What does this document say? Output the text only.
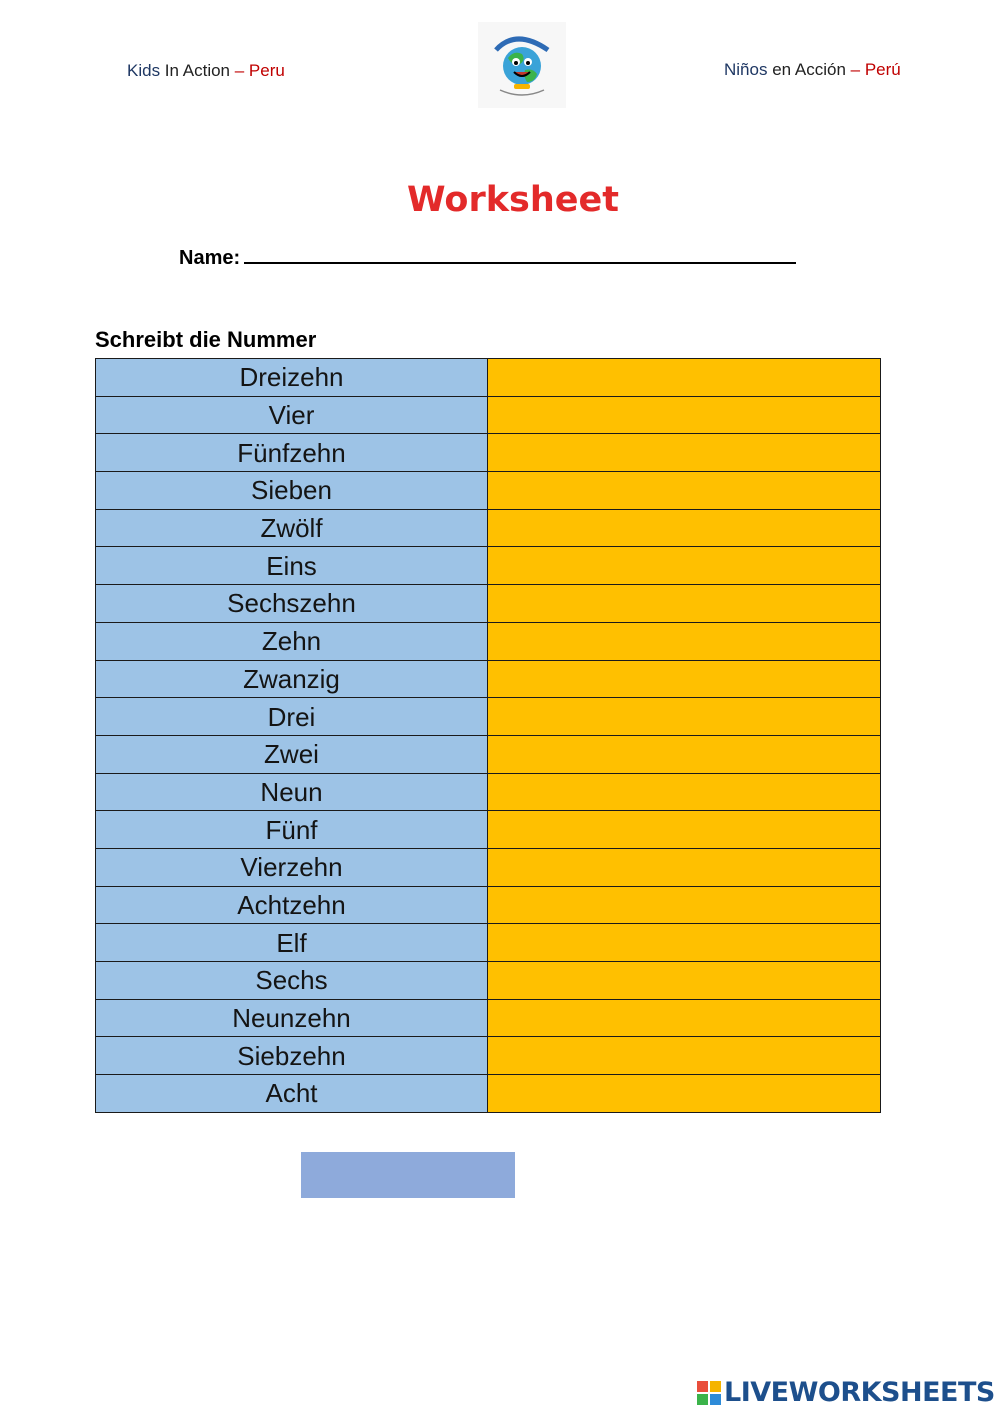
Kids In Action – Peru	Niños en Acción – Perú
Worksheet
Name:
Schreibt die Nummer
Dreizehn	
Vier	
Fünfzehn	
Sieben	
Zwölf	
Eins	
Sechszehn	
Zehn	
Zwanzig	
Drei	
Zwei	
Neun	
Fünf	
Vierzehn	
Achtzehn	
Elf	
Sechs	
Neunzehn	
Siebzehn	
Acht	
LIVEWORKSHEETS
